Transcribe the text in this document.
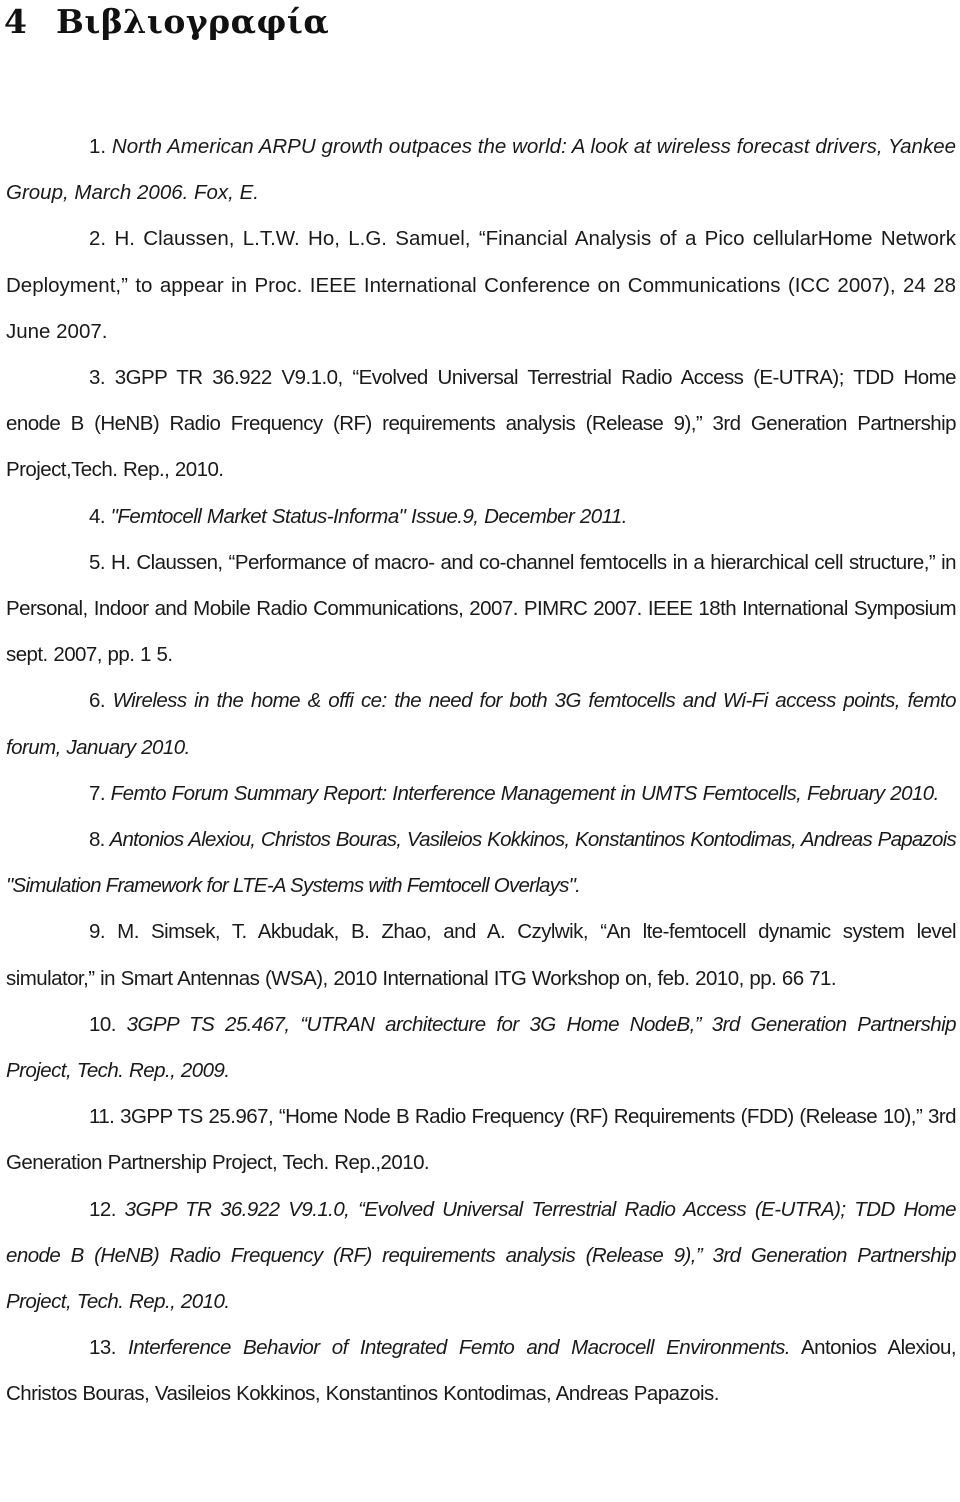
4 Βιβλιογραφία
1. North American ARPU growth outpaces the world: A look at wireless forecast drivers, Yankee Group, March 2006. Fox, E.
2. H. Claussen, L.T.W. Ho, L.G. Samuel, “Financial Analysis of a Pico cellularHome Network Deployment,” to appear in Proc. IEEE International Conference on Communications (ICC 2007), 24 28 June 2007.
3. 3GPP TR 36.922 V9.1.0, “Evolved Universal Terrestrial Radio Access (E-UTRA); TDD Home enode B (HeNB) Radio Frequency (RF) requirements analysis (Release 9),” 3rd Generation Partnership Project,Tech. Rep., 2010.
4. "Femtocell Market Status-Informa" Issue.9, December 2011.
5. H. Claussen, “Performance of macro- and co-channel femtocells in a hierarchical cell structure,” in Personal, Indoor and Mobile Radio Communications, 2007. PIMRC 2007. IEEE 18th International Symposium sept. 2007, pp. 1 5.
6. Wireless in the home & offi ce: the need for both 3G femtocells and Wi-Fi access points, femto forum, January 2010.
7. Femto Forum Summary Report: Interference Management in UMTS Femtocells, February 2010.
8. Antonios Alexiou, Christos Bouras, Vasileios Kokkinos, Konstantinos Kontodimas, Andreas Papazois "Simulation Framework for LTE-A Systems with Femtocell Overlays".
9. M. Simsek, T. Akbudak, B. Zhao, and A. Czylwik, “An lte-femtocell dynamic system level simulator,” in Smart Antennas (WSA), 2010 International ITG Workshop on, feb. 2010, pp. 66 71.
10. 3GPP TS 25.467, “UTRAN architecture for 3G Home NodeB,” 3rd Generation Partnership Project, Tech. Rep., 2009.
11. 3GPP TS 25.967, “Home Node B Radio Frequency (RF) Requirements (FDD) (Release 10),” 3rd Generation Partnership Project, Tech. Rep.,2010.
12. 3GPP TR 36.922 V9.1.0, “Evolved Universal Terrestrial Radio Access (E-UTRA); TDD Home enode B (HeNB) Radio Frequency (RF) requirements analysis (Release 9),” 3rd Generation Partnership Project, Tech. Rep., 2010.
13. Interference Behavior of Integrated Femto and Macrocell Environments. Antonios Alexiou, Christos Bouras, Vasileios Kokkinos, Konstantinos Kontodimas, Andreas Papazois.
